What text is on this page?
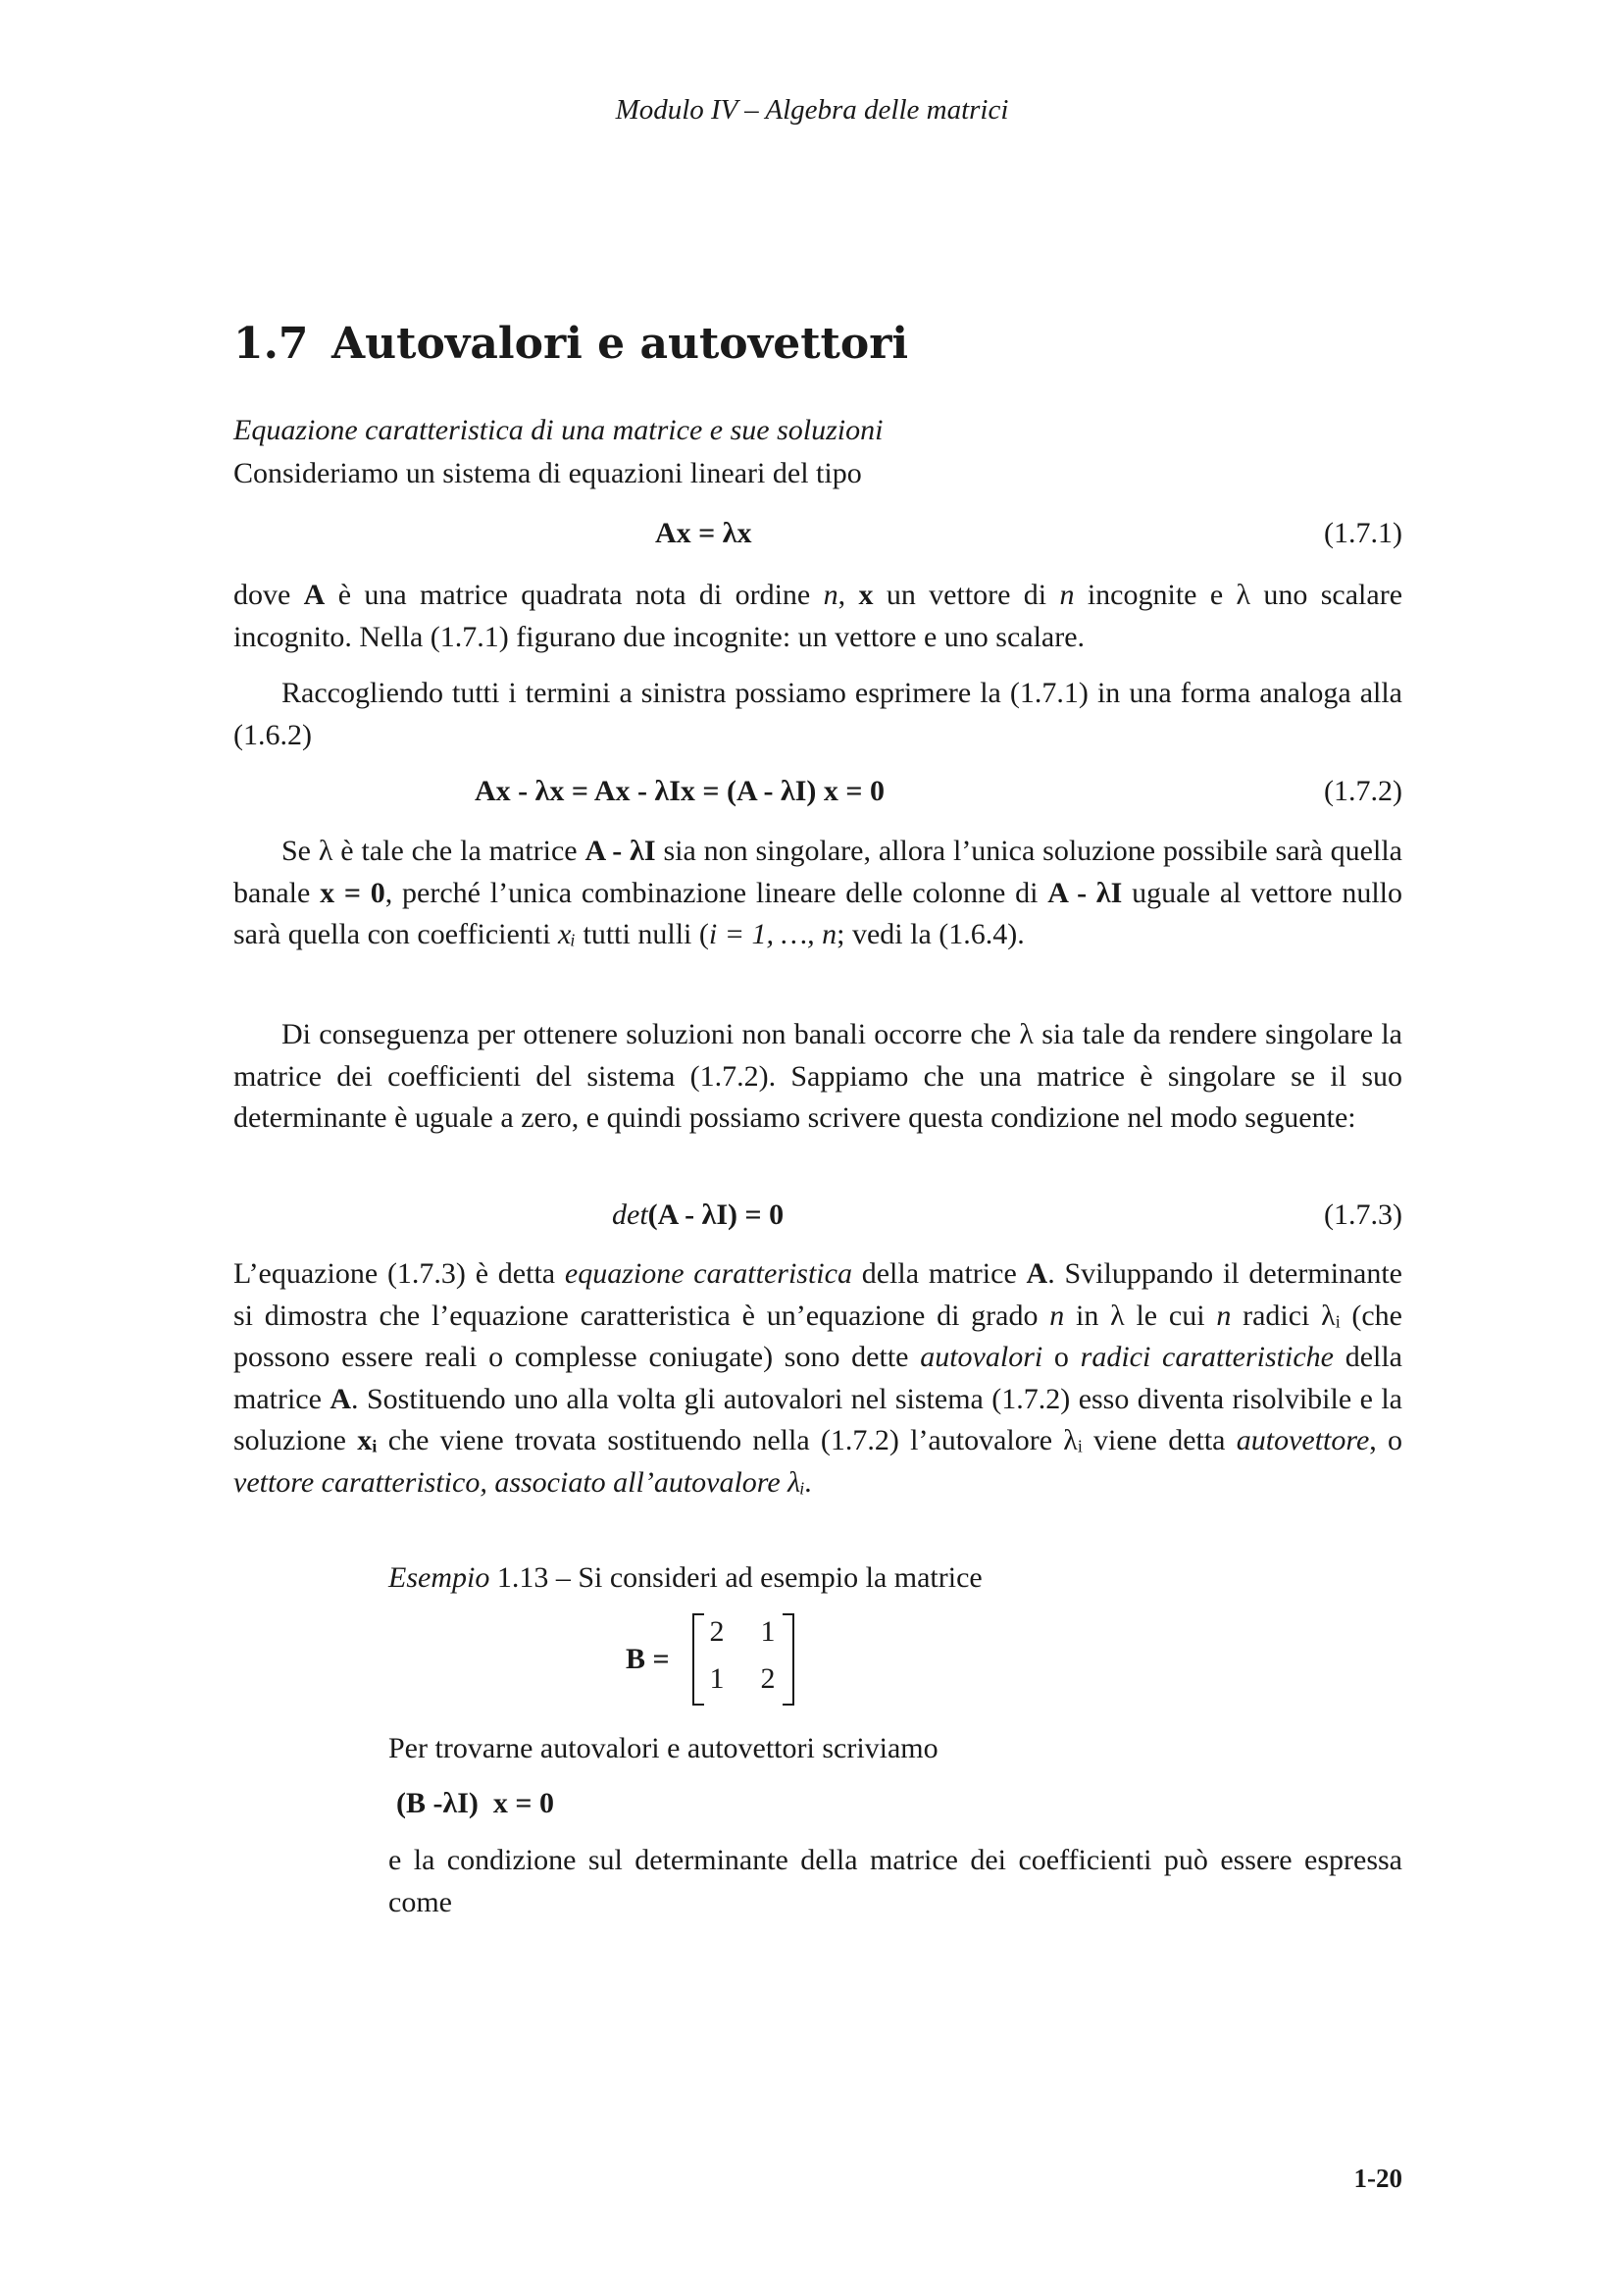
Modulo IV – Algebra delle matrici
1.7 Autovalori e autovettori
Equazione caratteristica di una matrice e sue soluzioni
Consideriamo un sistema di equazioni lineari del tipo
Ax = λx	(1.7.1)
dove A è una matrice quadrata nota di ordine n, x un vettore di n incognite e λ uno scalare incognito. Nella (1.7.1) figurano due incognite: un vettore e uno scalare.
Raccogliendo tutti i termini a sinistra possiamo esprimere la (1.7.1) in una forma analoga alla (1.6.2)
Ax - λx = Ax - λIx = (A - λI) x = 0	(1.7.2)
Se λ è tale che la matrice A - λI sia non singolare, allora l’unica soluzione possibile sarà quella banale x = 0, perché l’unica combinazione lineare delle colonne di A - λI uguale al vettore nullo sarà quella con coefficienti xᵢ tutti nulli (i = 1, …, n; vedi la (1.6.4).
Di conseguenza per ottenere soluzioni non banali occorre che λ sia tale da rendere singolare la matrice dei coefficienti del sistema (1.7.2). Sappiamo che una matrice è singolare se il suo determinante è uguale a zero, e quindi possiamo scrivere questa condizione nel modo seguente:
det(A - λI) = 0	(1.7.3)
L’equazione (1.7.3) è detta equazione caratteristica della matrice A. Sviluppando il determinante si dimostra che l’equazione caratteristica è un’equazione di grado n in λ le cui n radici λᵢ (che possono essere reali o complesse coniugate) sono dette autovalori o radici caratteristiche della matrice A. Sostituendo uno alla volta gli autovalori nel sistema (1.7.2) esso diventa risolvibile e la soluzione xᵢ che viene trovata sostituendo nella (1.7.2) l’autovalore λᵢ viene detta autovettore, o vettore caratteristico, associato all’autovalore λᵢ.
Esempio 1.13 – Si consideri ad esempio la matrice
B =
2 1
1 2
Per trovarne autovalori e autovettori scriviamo
(B -λI)  x = 0
e la condizione sul determinante della matrice dei coefficienti può essere espressa come
1-20
